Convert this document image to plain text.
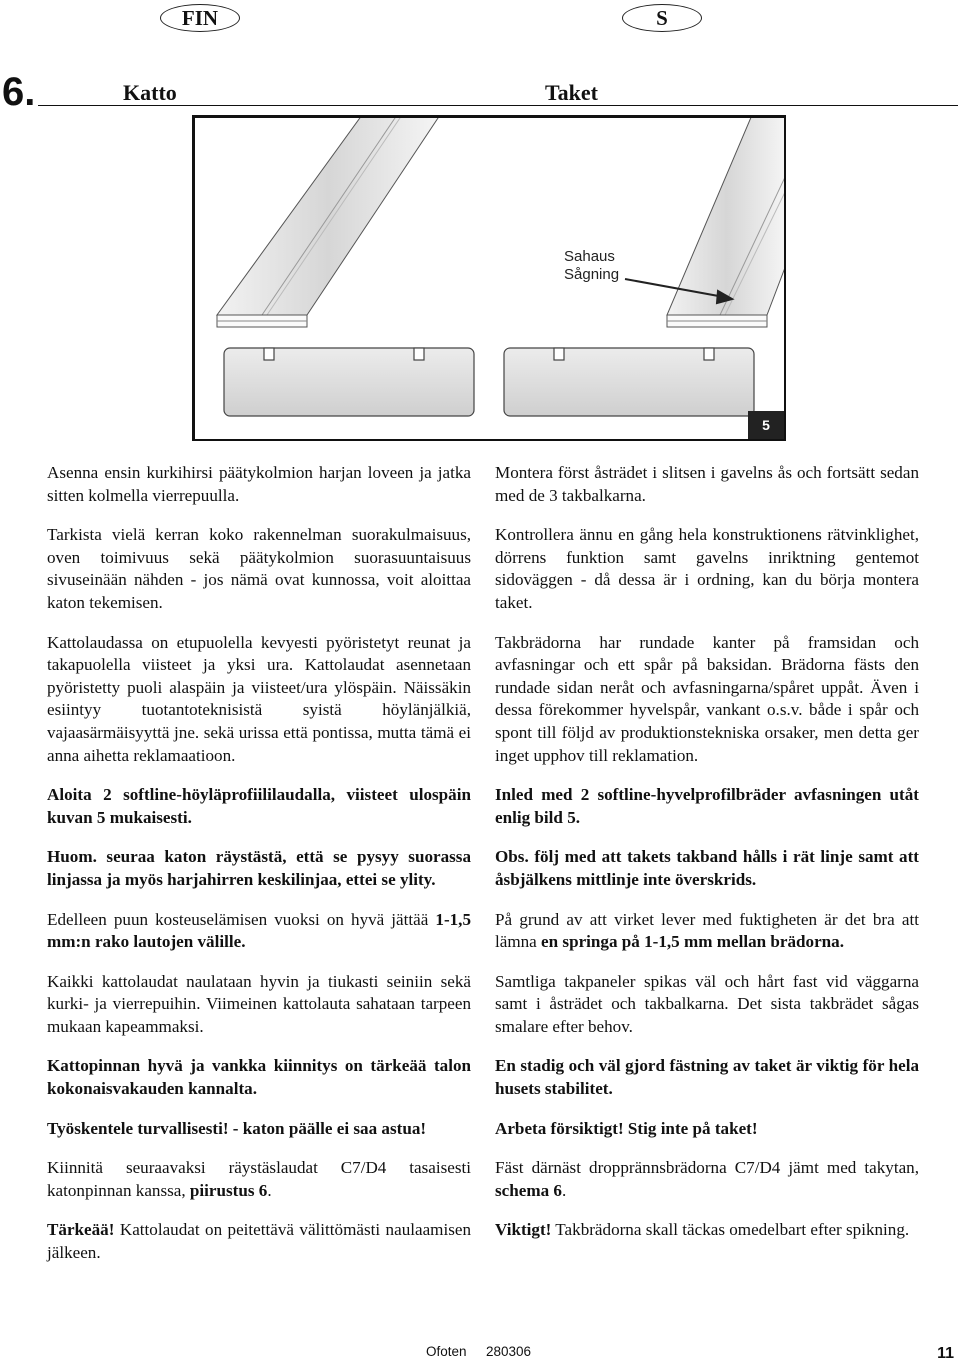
FIN	S
6.	Katto	Taket
Sahaus
Sågning
5

Asenna ensin kurkihirsi päätykolmion harjan loveen ja jatka sitten kolmella vierrepuulla.

Tarkista vielä kerran koko rakennelman suorakulmaisuus, oven toimivuus sekä päätykolmion suorasuuntaisuus sivuseinään nähden - jos nämä ovat kunnossa, voit aloittaa katon tekemisen.

Kattolaudassa on etupuolella kevyesti pyöristetyt reunat ja takapuolella viisteet ja yksi ura. Kattolaudat asennetaan pyöristetty puoli alaspäin ja viisteet/ura ylöspäin. Näissäkin esiintyy tuotantoteknisistä syistä höylänjälkiä, vajaasärmäisyyttä jne. sekä urissa että pontissa, mutta tämä ei anna aihetta reklamaatioon.

Aloita 2 softline-höyläprofiililaudalla, viisteet ulospäin kuvan 5 mukaisesti.

Huom. seuraa katon räystästä, että se pysyy suorassa linjassa ja myös harjahirren keskilinjaa, ettei se ylity.

Edelleen puun kosteuselämisen vuoksi on hyvä jättää 1-1,5 mm:n rako lautojen välille.

Kaikki kattolaudat naulataan hyvin ja tiukasti seiniin sekä kurki- ja vierrepuihin. Viimeinen kattolauta sahataan tarpeen mukaan kapeammaksi.

Kattopinnan hyvä ja vankka kiinnitys on tärkeää talon kokonaisvakauden kannalta.

Työskentele turvallisesti! - katon päälle ei saa astua!

Kiinnitä seuraavaksi räystäslaudat C7/D4 tasaisesti katonpinnan kanssa, piirustus 6.

Tärkeää! Kattolaudat on peitettävä välittömästi naulaamisen jälkeen.

Montera först åsträdet i slitsen i gavelns ås och fortsätt sedan med de 3 takbalkarna.

Kontrollera ännu en gång hela konstruktionens rätvinklighet, dörrens funktion samt gavelns inriktning gentemot sidoväggen - då dessa är i ordning, kan du börja montera taket.

Takbrädorna har rundade kanter på framsidan och avfasningar och ett spår på baksidan. Brädorna fästs den rundade sidan neråt och avfasningarna/spåret uppåt. Även i dessa förekommer hyvelspår, vankant o.s.v. både i spår och spont till följd av produktionstekniska orsaker, men detta ger inget upphov till reklamation.

Inled med 2 softline-hyvelprofilbräder avfasningen utåt enlig bild 5.

Obs. följ med att takets takband hålls i rät linje samt att åsbjälkens mittlinje inte överskrids.

På grund av att virket lever med fuktigheten är det bra att lämna en springa på 1-1,5 mm mellan brädorna.

Samtliga takpaneler spikas väl och hårt fast vid väggarna samt i åsträdet och takbalkarna. Det sista takbrädet sågas smalare efter behov.

En stadig och väl gjord fästning av taket är viktig för hela husets stabilitet.

Arbeta försiktigt! Stig inte på taket!

Fäst därnäst dropprännsbrädorna C7/D4 jämt med takytan, schema 6.

Viktigt! Takbrädorna skall täckas omedelbart efter spikning.

Ofoten 280306	11
